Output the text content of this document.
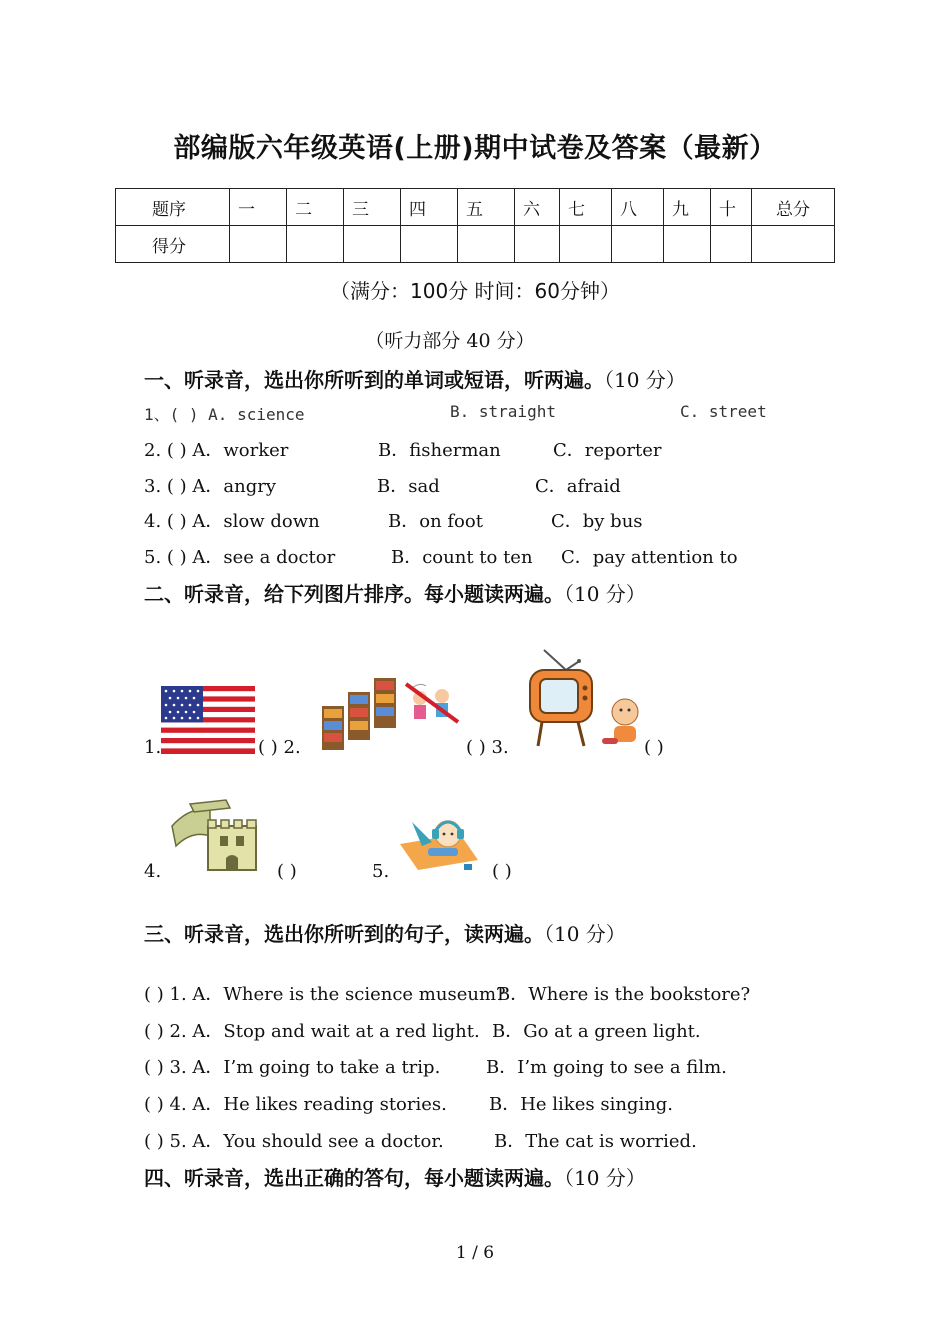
部编版六年级英语(上册)期中试卷及答案（最新）
题序	一	二	三	四	五	六	七	八	九	十	总分
得分											
（满分：100分 时间：60分钟）
（听力部分 40 分）
一、听录音，选出你所听到的单词或短语，听两遍。（10 分）
1、( ) A. science	B. straight	C. street
2. ( ) A．worker	B．fisherman	C．reporter
3. ( ) A．angry	B．sad	C．afraid
4. ( ) A．slow down	B．on foot	C．by bus
5. ( ) A．see a doctor	B．count to ten C．pay attention to
二、听录音，给下列图片排序。每小题读两遍。（10 分）
1.	( ) 2.	( ) 3.	( )
4.	( )	5.	( )
三、听录音，选出你所听到的句子，读两遍。（10 分）
( ) 1. A．Where is the science museum?
B．Where is the bookstore?
( ) 2. A．Stop and wait at a red light. B．Go at a green light.
( ) 3. A．I’m going to take a trip.	B．I’m going to see a film.
( ) 4. A．He likes reading stories. B．He likes singing.
( ) 5. A．You should see a doctor.	B．The cat is worried.
四、听录音，选出正确的答句，每小题读两遍。（10 分）
1 / 6
